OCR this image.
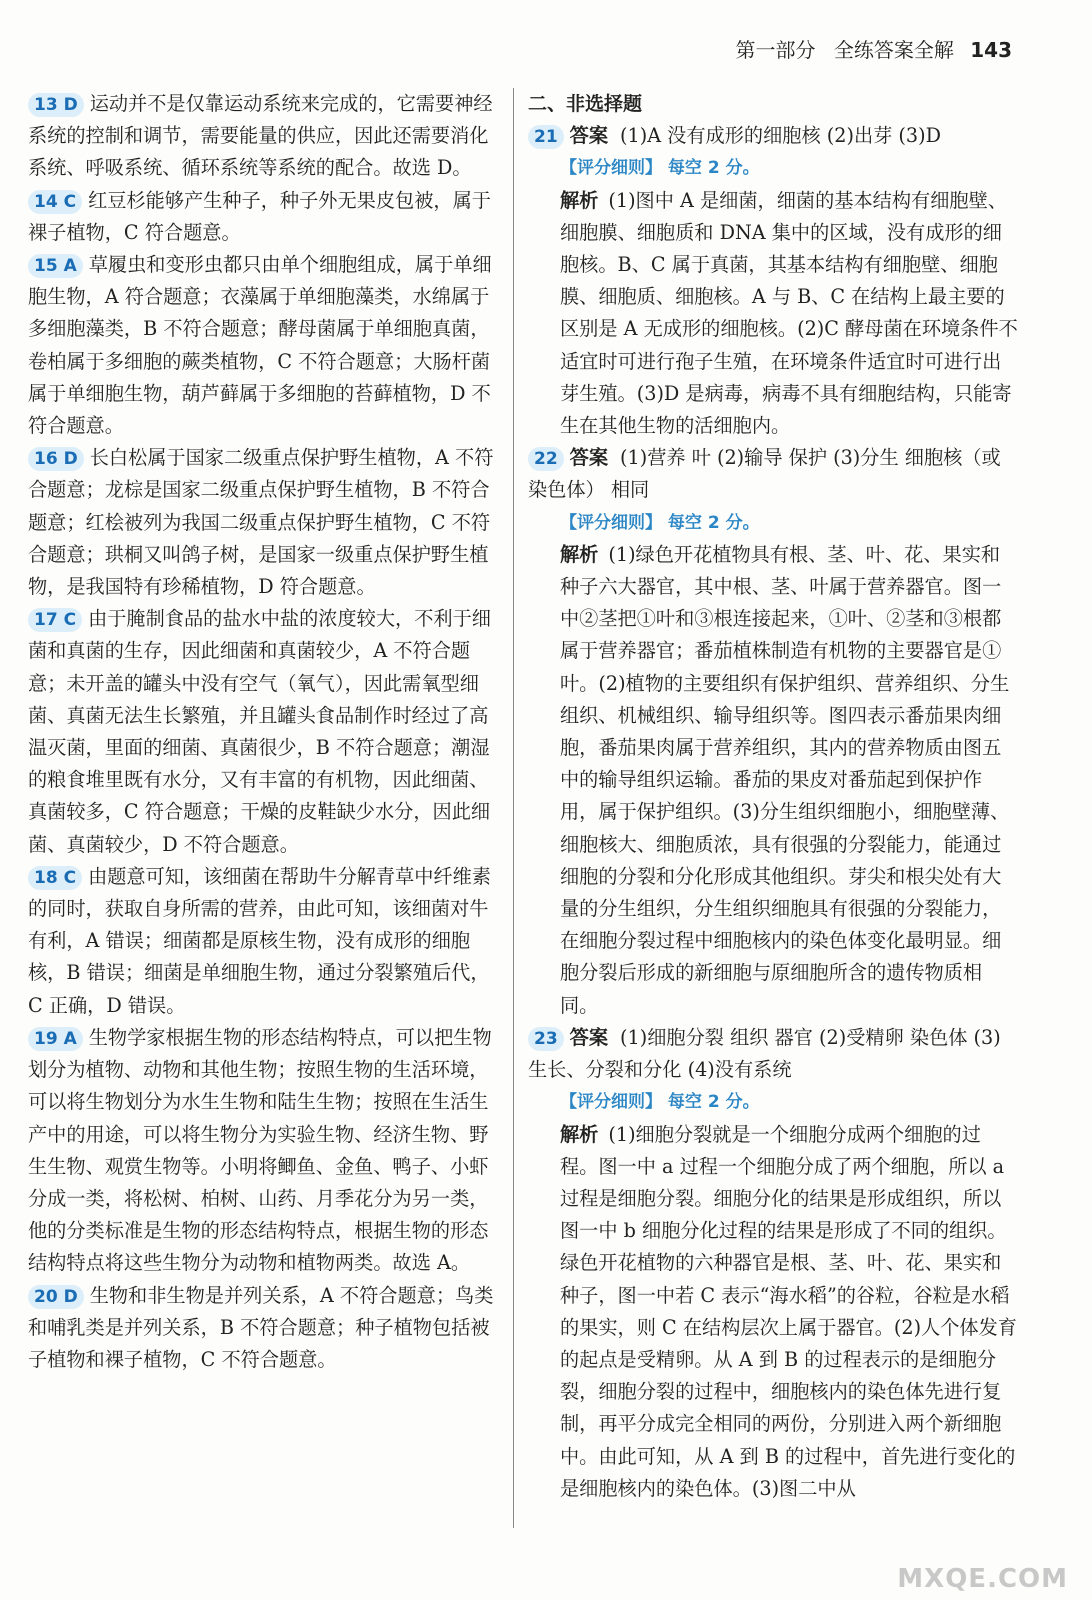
第一部分 全练答案全解 143
13 D 运动并不是仅靠运动系统来完成的，它需要神经系统的控制和调节，需要能量的供应，因此还需要消化系统、呼吸系统、循环系统等系统的配合。故选 D。
14 C 红豆杉能够产生种子，种子外无果皮包被，属于裸子植物，C 符合题意。
15 A 草履虫和变形虫都只由单个细胞组成，属于单细胞生物，A 符合题意；衣藻属于单细胞藻类，水绵属于多细胞藻类，B 不符合题意；酵母菌属于单细胞真菌，卷柏属于多细胞的蕨类植物，C 不符合题意；大肠杆菌属于单细胞生物，葫芦藓属于多细胞的苔藓植物，D 不符合题意。
16 D 长白松属于国家二级重点保护野生植物，A 不符合题意；龙棕是国家二级重点保护野生植物，B 不符合题意；红桧被列为我国二级重点保护野生植物，C 不符合题意；珙桐又叫鸽子树，是国家一级重点保护野生植物，是我国特有珍稀植物，D 符合题意。
17 C 由于腌制食品的盐水中盐的浓度较大，不利于细菌和真菌的生存，因此细菌和真菌较少，A 不符合题意；未开盖的罐头中没有空气（氧气），因此需氧型细菌、真菌无法生长繁殖，并且罐头食品制作时经过了高温灭菌，里面的细菌、真菌很少，B 不符合题意；潮湿的粮食堆里既有水分，又有丰富的有机物，因此细菌、真菌较多，C 符合题意；干燥的皮鞋缺少水分，因此细菌、真菌较少，D 不符合题意。
18 C 由题意可知，该细菌在帮助牛分解青草中纤维素的同时，获取自身所需的营养，由此可知，该细菌对牛有利，A 错误；细菌都是原核生物，没有成形的细胞核，B 错误；细菌是单细胞生物，通过分裂繁殖后代，C 正确，D 错误。
19 A 生物学家根据生物的形态结构特点，可以把生物划分为植物、动物和其他生物；按照生物的生活环境，可以将生物划分为水生生物和陆生生物；按照在生活生产中的用途，可以将生物分为实验生物、经济生物、野生生物、观赏生物等。小明将鲫鱼、金鱼、鸭子、小虾分成一类，将松树、柏树、山药、月季花分为另一类，他的分类标准是生物的形态结构特点，根据生物的形态结构特点将这些生物分为动物和植物两类。故选 A。
20 D 生物和非生物是并列关系，A 不符合题意；鸟类和哺乳类是并列关系，B 不符合题意；种子植物包括被子植物和裸子植物，C 不符合题意。
二、非选择题
21 答案 (1)A 没有成形的细胞核 (2)出芽 (3)D
【评分细则】 每空 2 分。
解析 (1)图中 A 是细菌，细菌的基本结构有细胞壁、细胞膜、细胞质和 DNA 集中的区域，没有成形的细胞核。B、C 属于真菌，其基本结构有细胞壁、细胞膜、细胞质、细胞核。A 与 B、C 在结构上最主要的区别是 A 无成形的细胞核。(2)C 酵母菌在环境条件不适宜时可进行孢子生殖，在环境条件适宜时可进行出芽生殖。(3)D 是病毒，病毒不具有细胞结构，只能寄生在其他生物的活细胞内。
22 答案 (1)营养 叶 (2)输导 保护 (3)分生 细胞核（或染色体） 相同
【评分细则】 每空 2 分。
解析 (1)绿色开花植物具有根、茎、叶、花、果实和种子六大器官，其中根、茎、叶属于营养器官。图一中②茎把①叶和③根连接起来，①叶、②茎和③根都属于营养器官；番茄植株制造有机物的主要器官是①叶。(2)植物的主要组织有保护组织、营养组织、分生组织、机械组织、输导组织等。图四表示番茄果肉细胞，番茄果肉属于营养组织，其内的营养物质由图五中的输导组织运输。番茄的果皮对番茄起到保护作用，属于保护组织。(3)分生组织细胞小，细胞壁薄、细胞核大、细胞质浓，具有很强的分裂能力，能通过细胞的分裂和分化形成其他组织。芽尖和根尖处有大量的分生组织，分生组织细胞具有很强的分裂能力，在细胞分裂过程中细胞核内的染色体变化最明显。细胞分裂后形成的新细胞与原细胞所含的遗传物质相同。
23 答案 (1)细胞分裂 组织 器官 (2)受精卵 染色体 (3)生长、分裂和分化 (4)没有系统
【评分细则】 每空 2 分。
解析 (1)细胞分裂就是一个细胞分成两个细胞的过程。图一中 a 过程一个细胞分成了两个细胞，所以 a 过程是细胞分裂。细胞分化的结果是形成组织，所以图一中 b 细胞分化过程的结果是形成了不同的组织。绿色开花植物的六种器官是根、茎、叶、花、果实和种子，图一中若 C 表示“海水稻”的谷粒，谷粒是水稻的果实，则 C 在结构层次上属于器官。(2)人个体发育的起点是受精卵。从 A 到 B 的过程表示的是细胞分裂，细胞分裂的过程中，细胞核内的染色体先进行复制，再平分成完全相同的两份，分别进入两个新细胞中。由此可知，从 A 到 B 的过程中，首先进行变化的是细胞核内的染色体。(3)图二中从
MXQE.COM
